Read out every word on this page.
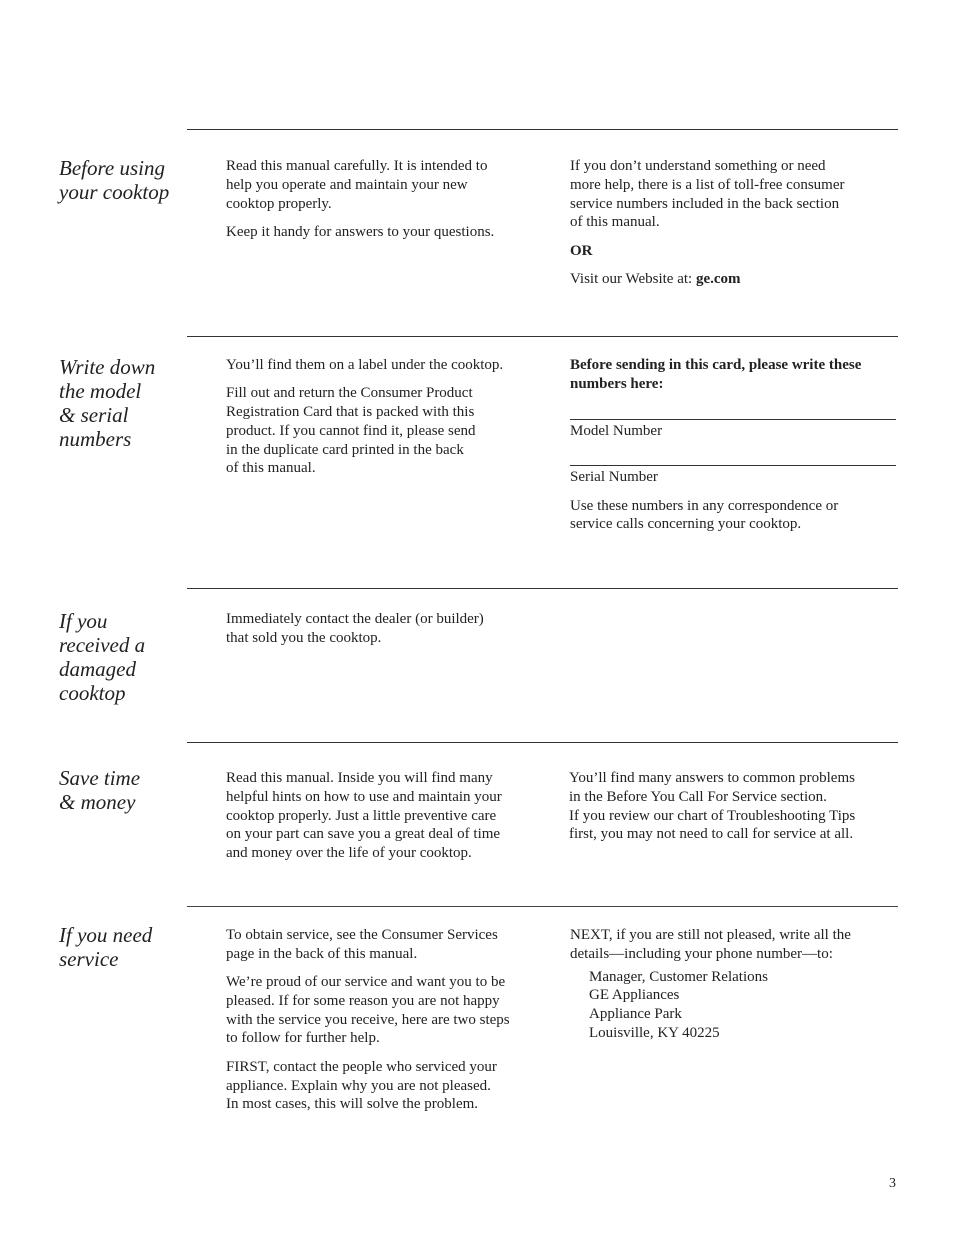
Before using
your cooktop

Read this manual carefully. It is intended to
help you operate and maintain your new
cooktop properly.

Keep it handy for answers to your questions.

If you don’t understand something or need
more help, there is a list of toll-free consumer
service numbers included in the back section
of this manual.

OR

Visit our Website at: ge.com

Write down
the model
& serial
numbers

You’ll find them on a label under the cooktop.

Fill out and return the Consumer Product
Registration Card that is packed with this
product. If you cannot find it, please send
in the duplicate card printed in the back
of this manual.

Before sending in this card, please write these
numbers here:

Model Number

Serial Number

Use these numbers in any correspondence or
service calls concerning your cooktop.

If you
received a
damaged
cooktop

Immediately contact the dealer (or builder)
that sold you the cooktop.

Save time
& money

Read this manual. Inside you will find many
helpful hints on how to use and maintain your
cooktop properly. Just a little preventive care
on your part can save you a great deal of time
and money over the life of your cooktop.

You’ll find many answers to common problems
in the Before You Call For Service section.
If you review our chart of Troubleshooting Tips
first, you may not need to call for service at all.

If you need
service

To obtain service, see the Consumer Services
page in the back of this manual.

We’re proud of our service and want you to be
pleased. If for some reason you are not happy
with the service you receive, here are two steps
to follow for further help.

FIRST, contact the people who serviced your
appliance. Explain why you are not pleased.
In most cases, this will solve the problem.

NEXT, if you are still not pleased, write all the
details—including your phone number—to:

Manager, Customer Relations
GE Appliances
Appliance Park
Louisville, KY 40225

3
